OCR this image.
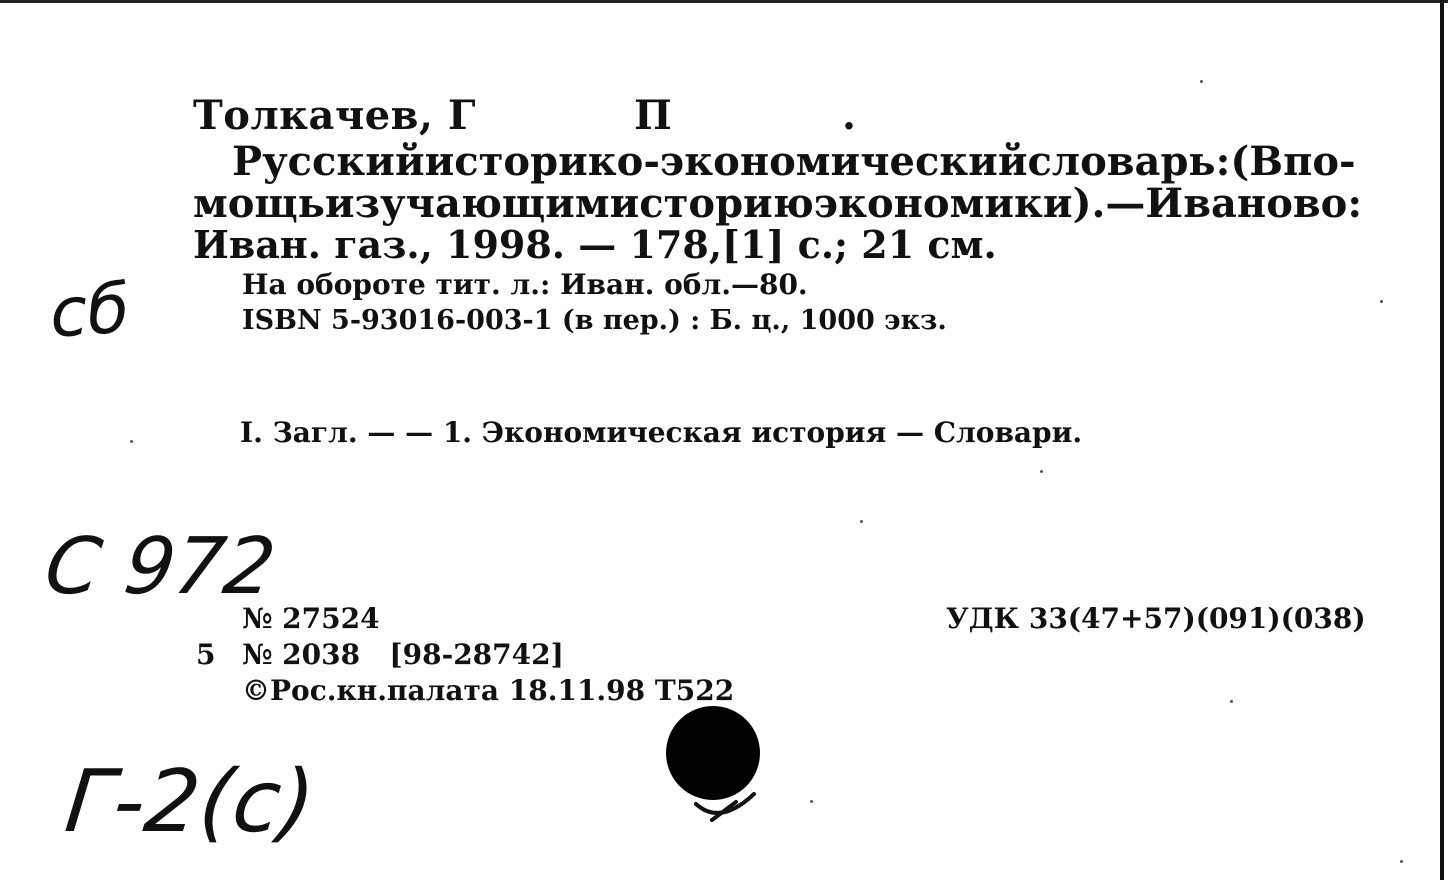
Толкачев, Г	П	.
Русский историко-экономический словарь : (В по-
мощь изучающим историю экономики). — Иваново :
Иван. газ., 1998. — 178,[1] с.; 21 см.
На обороте тит. л.: Иван. обл.—80.
ISBN 5-93016-003-1 (в пер.) : Б. ц., 1000 экз.
I. Загл. — — 1. Экономическая история — Словари.
№ 27524
5 № 2038   [98-28742]
©Рос.кн.палата 18.11.98 Т522
УДК 33(47+57)(091)(038)
сб
С 972
Г-2(с)
